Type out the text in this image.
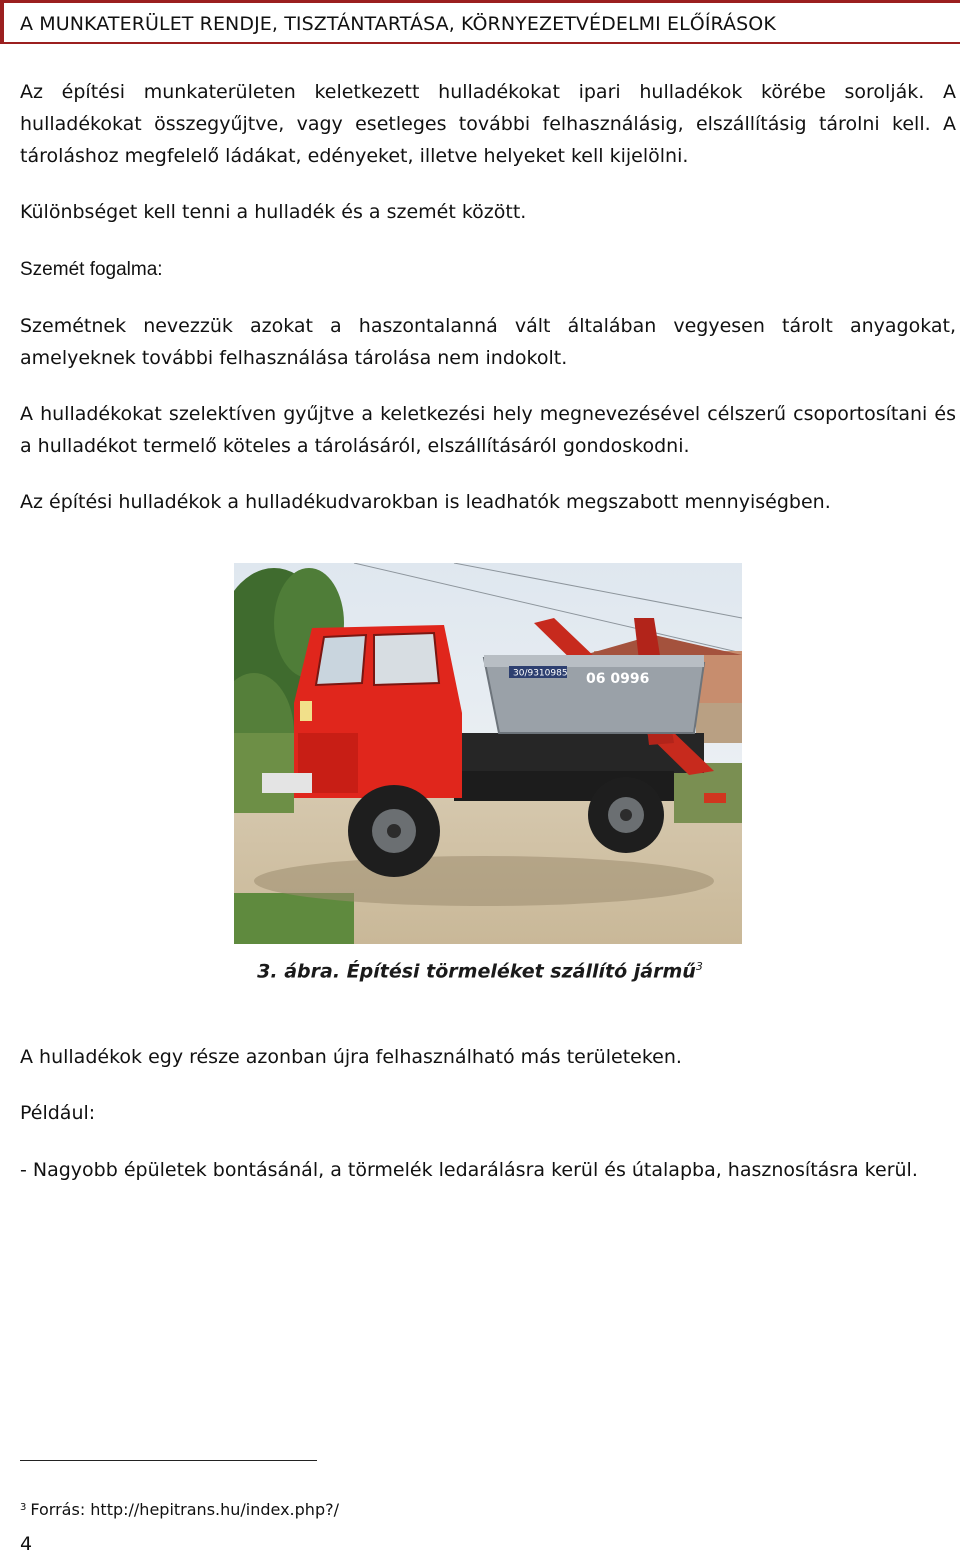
A MUNKATERÜLET RENDJE, TISZTÁNTARTÁSA, KÖRNYEZETVÉDELMI ELŐÍRÁSOK

Az építési munkaterületen keletkezett hulladékokat ipari hulladékok körébe sorolják. A hulladékokat összegyűjtve, vagy esetleges további felhasználásig, elszállításig tárolni kell. A tároláshoz megfelelő ládákat, edényeket, illetve helyeket kell kijelölni.

Különbséget kell tenni a hulladék és a szemét között.

Szemét fogalma:

Szemétnek nevezzük azokat a haszontalanná vált általában vegyesen tárolt anyagokat, amelyeknek további felhasználása tárolása nem indokolt.

A hulladékokat szelektíven gyűjtve a keletkezési hely megnevezésével célszerű csoportosítani és a hulladékot termelő köteles a tárolásáról, elszállításáról gondoskodni.

Az építési hulladékok a hulladékudvarokban is leadhatók megszabott mennyiségben.

30/9310985 06 0996
3. ábra. Építési törmeléket szállító jármű$^3$

A hulladékok egy része azonban újra felhasználható más területeken.

Például:

- Nagyobb épületek bontásánál, a törmelék ledarálásra kerül és útalapba, hasznosításra kerül.

$^3$ Forrás: http://hepitrans.hu/index.php?/
4
